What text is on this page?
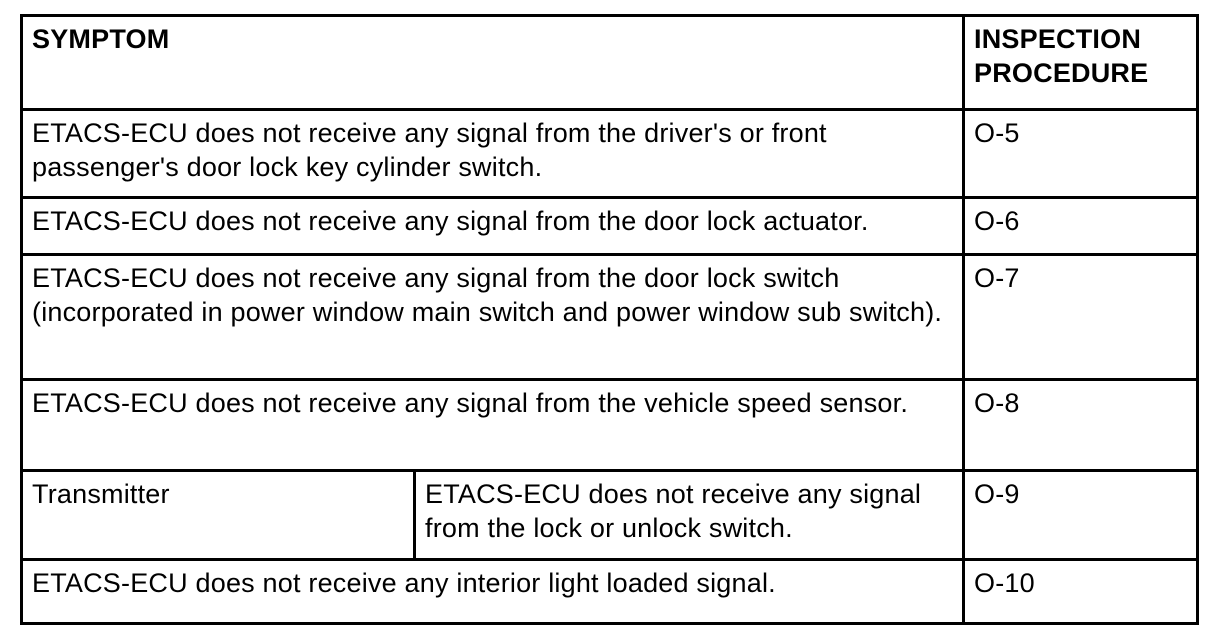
SYMPTOM		INSPECTION PROCEDURE
ETACS-ECU does not receive any signal from the driver's or front passenger's door lock key cylinder switch.		O-5
ETACS-ECU does not receive any signal from the door lock actuator.		O-6
ETACS-ECU does not receive any signal from the door lock switch (incorporated in power window main switch and power window sub switch).		O-7
ETACS-ECU does not receive any signal from the vehicle speed sensor.		O-8
Transmitter	ETACS-ECU does not receive any signal from the lock or unlock switch.	O-9
ETACS-ECU does not receive any interior light loaded signal.		O-10
